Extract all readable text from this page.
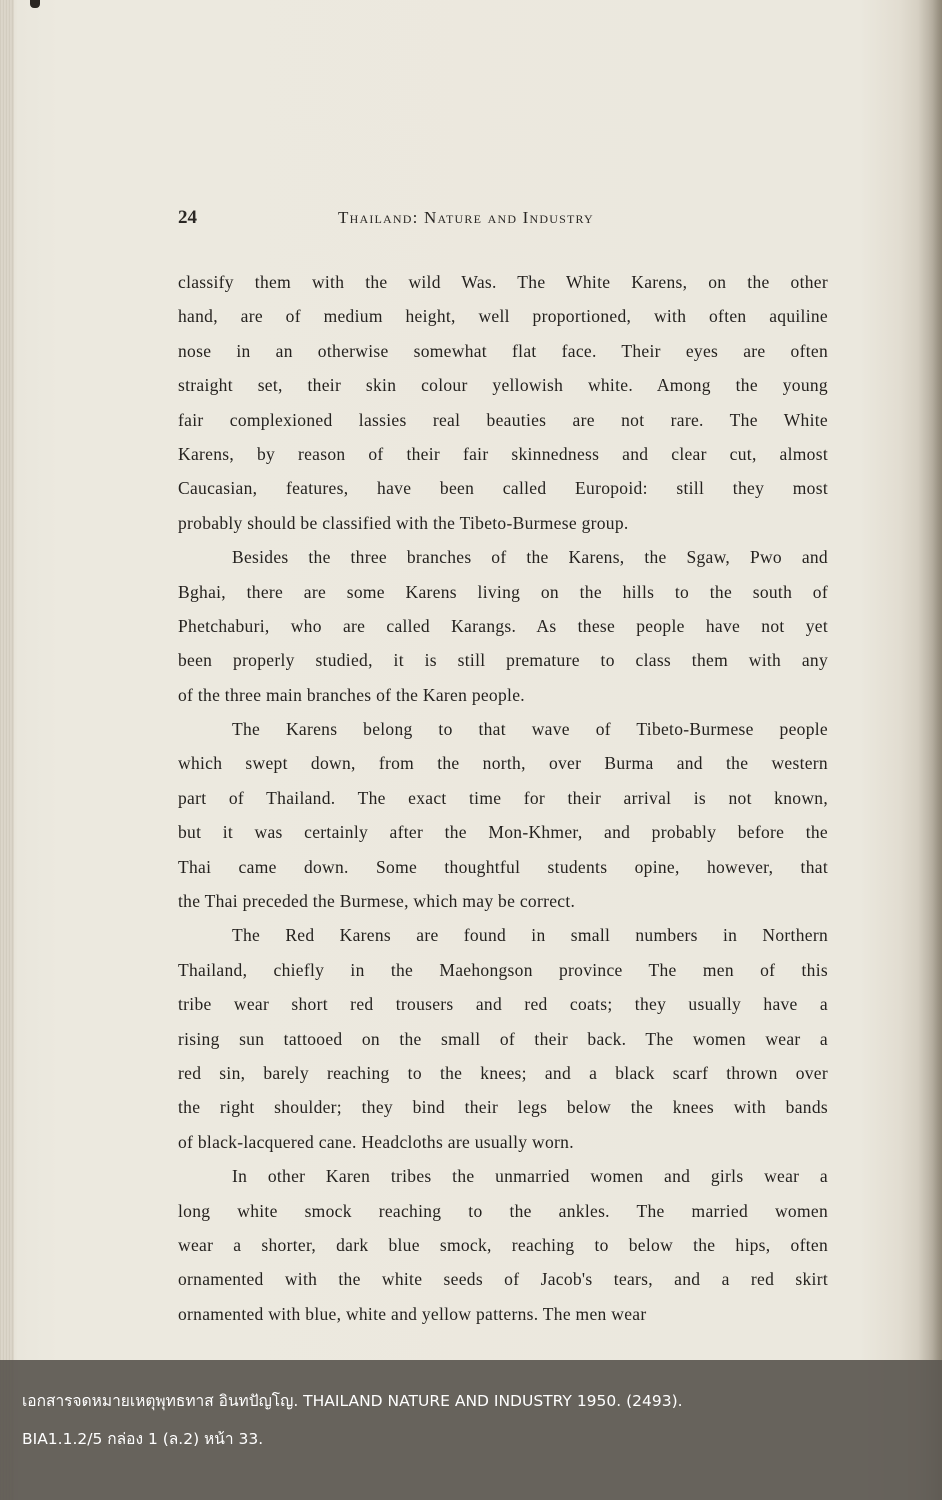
24	Thailand: Nature and Industry
classify them with the wild Was. The White Karens, on the other
hand, are of medium height, well proportioned, with often aquiline
nose in an otherwise somewhat flat face. Their eyes are often
straight set, their skin colour yellowish white. Among the young
fair complexioned lassies real beauties are not rare. The White
Karens, by reason of their fair skinnedness and clear cut, almost
Caucasian, features, have been called Europoid: still they most
probably should be classified with the Tibeto-Burmese group.
Besides the three branches of the Karens, the Sgaw, Pwo and
Bghai, there are some Karens living on the hills to the south of
Phetchaburi, who are called Karangs. As these people have not yet
been properly studied, it is still premature to class them with any
of the three main branches of the Karen people.
The Karens belong to that wave of Tibeto-Burmese people
which swept down, from the north, over Burma and the western
part of Thailand. The exact time for their arrival is not known,
but it was certainly after the Mon-Khmer, and probably before the
Thai came down. Some thoughtful students opine, however, that
the Thai preceded the Burmese, which may be correct.
The Red Karens are found in small numbers in Northern
Thailand, chiefly in the Maehongson province The men of this
tribe wear short red trousers and red coats; they usually have a
rising sun tattooed on the small of their back. The women wear a
red sin, barely reaching to the knees; and a black scarf thrown over
the right shoulder; they bind their legs below the knees with bands
of black-lacquered cane. Headcloths are usually worn.
In other Karen tribes the unmarried women and girls wear a
long white smock reaching to the ankles. The married women
wear a shorter, dark blue smock, reaching to below the hips, often
ornamented with the white seeds of Jacob's tears, and a red skirt
ornamented with blue, white and yellow patterns. The men wear
เอกสารจดหมายเหตุพุทธทาส อินทปัญโญ. THAILAND NATURE AND INDUSTRY 1950. (2493).
BIA1.1.2/5 กล่อง 1 (ล.2) หน้า 33.
